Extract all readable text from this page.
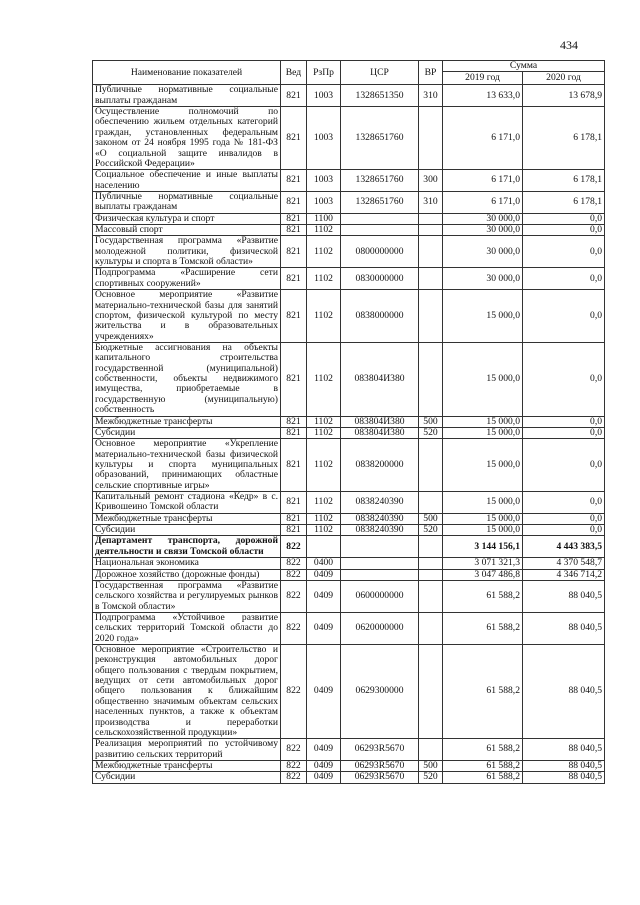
434
Наименование показателей	Вед	РзПр	ЦСР	ВР	Сумма	
					2019 год	2020 год
Публичные нормативные социальные выплаты гражданам	821	1003	1328651350	310	13 633,0	13 678,9
Осуществление полномочий по обеспечению жильем отдельных категорий граждан, установленных федеральным законом от 24 ноября 1995 года № 181-ФЗ «О социальной защите инвалидов в Российской Федерации»	821	1003	1328651760		6 171,0	6 178,1
Социальное обеспечение и иные выплаты населению	821	1003	1328651760	300	6 171,0	6 178,1
Публичные нормативные социальные выплаты гражданам	821	1003	1328651760	310	6 171,0	6 178,1
Физическая культура и спорт	821	1100			30 000,0	0,0
Массовый спорт	821	1102			30 000,0	0,0
Государственная программа «Развитие молодежной политики, физической культуры и спорта в Томской области»	821	1102	0800000000		30 000,0	0,0
Подпрограмма «Расширение сети спортивных сооружений»	821	1102	0830000000		30 000,0	0,0
Основное мероприятие «Развитие материально-технической базы для занятий спортом, физической культурой по месту жительства и в образовательных учреждениях»	821	1102	0838000000		15 000,0	0,0
Бюджетные ассигнования на объекты капитального строительства государственной (муниципальной) собственности, объекты недвижимого имущества, приобретаемые в государственную (муниципальную) собственность	821	1102	083804И380		15 000,0	0,0
Межбюджетные трансферты	821	1102	083804И380	500	15 000,0	0,0
Субсидии	821	1102	083804И380	520	15 000,0	0,0
Основное мероприятие «Укрепление материально-технической базы физической культуры и спорта муниципальных образований, принимающих областные сельские спортивные игры»	821	1102	0838200000		15 000,0	0,0
Капитальный ремонт стадиона «Кедр» в с. Кривошеино Томской области	821	1102	0838240390		15 000,0	0,0
Межбюджетные трансферты	821	1102	0838240390	500	15 000,0	0,0
Субсидии	821	1102	0838240390	520	15 000,0	0,0
Департамент транспорта, дорожной деятельности и связи Томской области	822				3 144 156,1	4 443 383,5
Национальная экономика	822	0400			3 071 321,3	4 370 548,7
Дорожное хозяйство (дорожные фонды)	822	0409			3 047 486,8	4 346 714,2
Государственная программа «Развитие сельского хозяйства и регулируемых рынков в Томской области»	822	0409	0600000000		61 588,2	88 040,5
Подпрограмма «Устойчивое развитие сельских территорий Томской области до 2020 года»	822	0409	0620000000		61 588,2	88 040,5
Основное мероприятие «Строительство и реконструкция автомобильных дорог общего пользования с твердым покрытием, ведущих от сети автомобильных дорог общего пользования к ближайшим общественно значимым объектам сельских населенных пунктов, а также к объектам производства и переработки сельскохозяйственной продукции»	822	0409	0629300000		61 588,2	88 040,5
Реализация мероприятий по устойчивому развитию сельских территорий	822	0409	06293R5670		61 588,2	88 040,5
Межбюджетные трансферты	822	0409	06293R5670	500	61 588,2	88 040,5
Субсидии	822	0409	06293R5670	520	61 588,2	88 040,5
